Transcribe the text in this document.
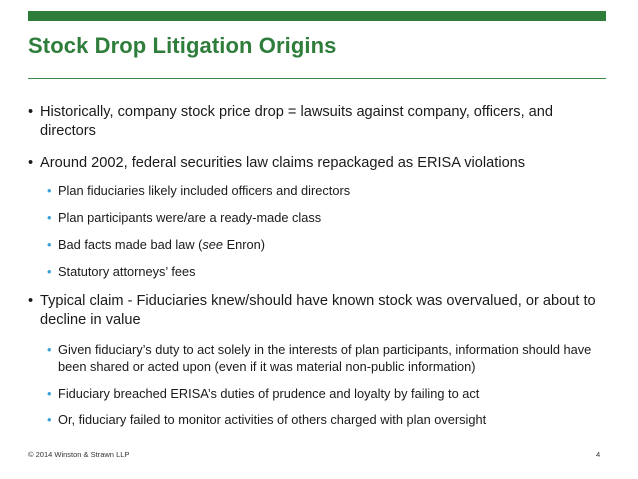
Stock Drop Litigation Origins

• Historically, company stock price drop = lawsuits against company, officers, and directors

• Around 2002, federal securities law claims repackaged as ERISA violations

• Plan fiduciaries likely included officers and directors

• Plan participants were/are a ready-made class

• Bad facts made bad law (see Enron)

• Statutory attorneys’ fees

• Typical claim - Fiduciaries knew/should have known stock was overvalued, or about to decline in value

• Given fiduciary’s duty to act solely in the interests of plan participants, information should have been shared or acted upon (even if it was material non-public information)

• Fiduciary breached ERISA’s duties of prudence and loyalty by failing to act

• Or, fiduciary failed to monitor activities of others charged with plan oversight

© 2014 Winston & Strawn LLP	4
